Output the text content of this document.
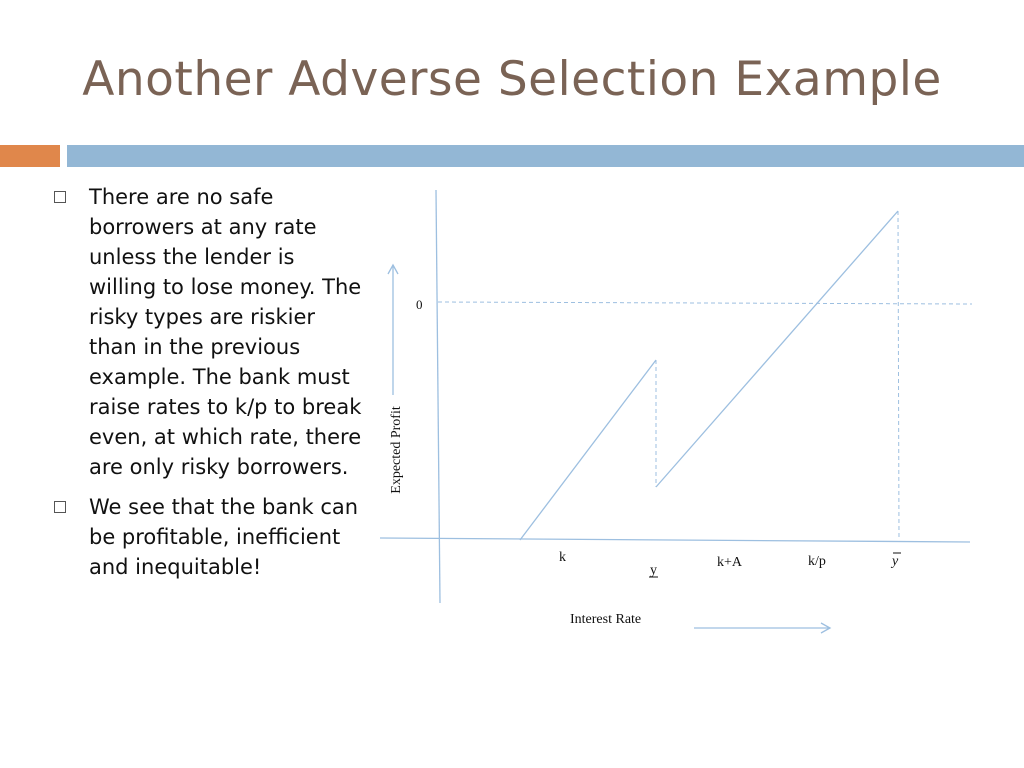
Another Adverse Selection Example
There are no safe borrowers at any rate unless the lender is willing to lose money. The risky types are riskier than in the previous example. The bank must raise rates to k/p to break even, at which rate, there are only risky borrowers.
We see that the bank can be profitable, inefficient and inequitable!
0
Expected Profit
Interest Rate
k
y
k+A	k/p	y
